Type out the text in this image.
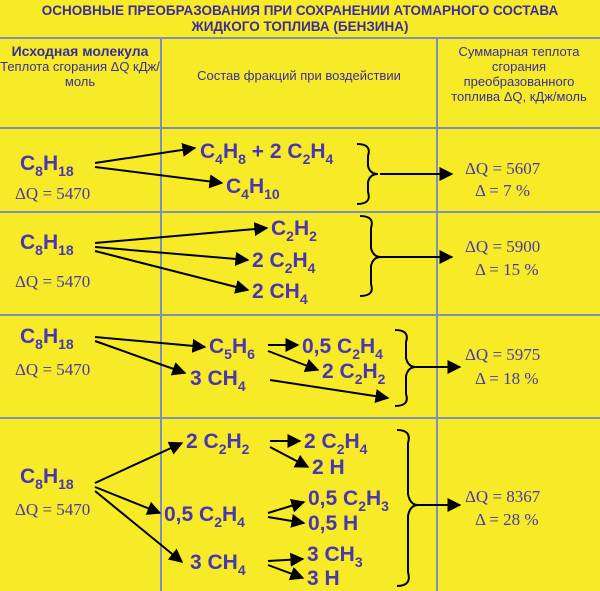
ОСНОВНЫЕ ПРЕОБРАЗОВАНИЯ ПРИ СОХРАНЕНИИ АТОМАРНОГО СОСТАВА
ЖИДКОГО ТОПЛИВА (БЕНЗИНА)
Исходная молекула
Теплота сгорания ΔQ кДж/моль	Состав фракций при воздействии
Суммарная теплота сгорания преобразованного топлива ΔQ, кДж/моль
$C_8H_{18}$
ΔQ = 5470
$C_4H_8 + 2$ $C_2H_4$
$C_4H_{10}$
ΔQ = 5607
Δ = 7 %
$C_8H_{18}$
ΔQ = 5470
$C_2H_2$
2 $C_2H_4$
2 $CH_4$
ΔQ = 5900
Δ = 15 %
$C_8H_{18}$
ΔQ = 5470
$C_5H_6$ 0,5 $C_2H_4$
3 $CH_4$
2 $C_2H_2$
ΔQ = 5975
Δ = 18 %
$C_8H_{18}$
ΔQ = 5470
2 $C_2H_2$	2 $C_2H_4$
2 H
0,5 $C_2H_4$
0,5 $C_2H_3$
0,5 H
3 $CH_4$
3 $CH_3$
3 H
ΔQ = 8367
Δ = 28 %
